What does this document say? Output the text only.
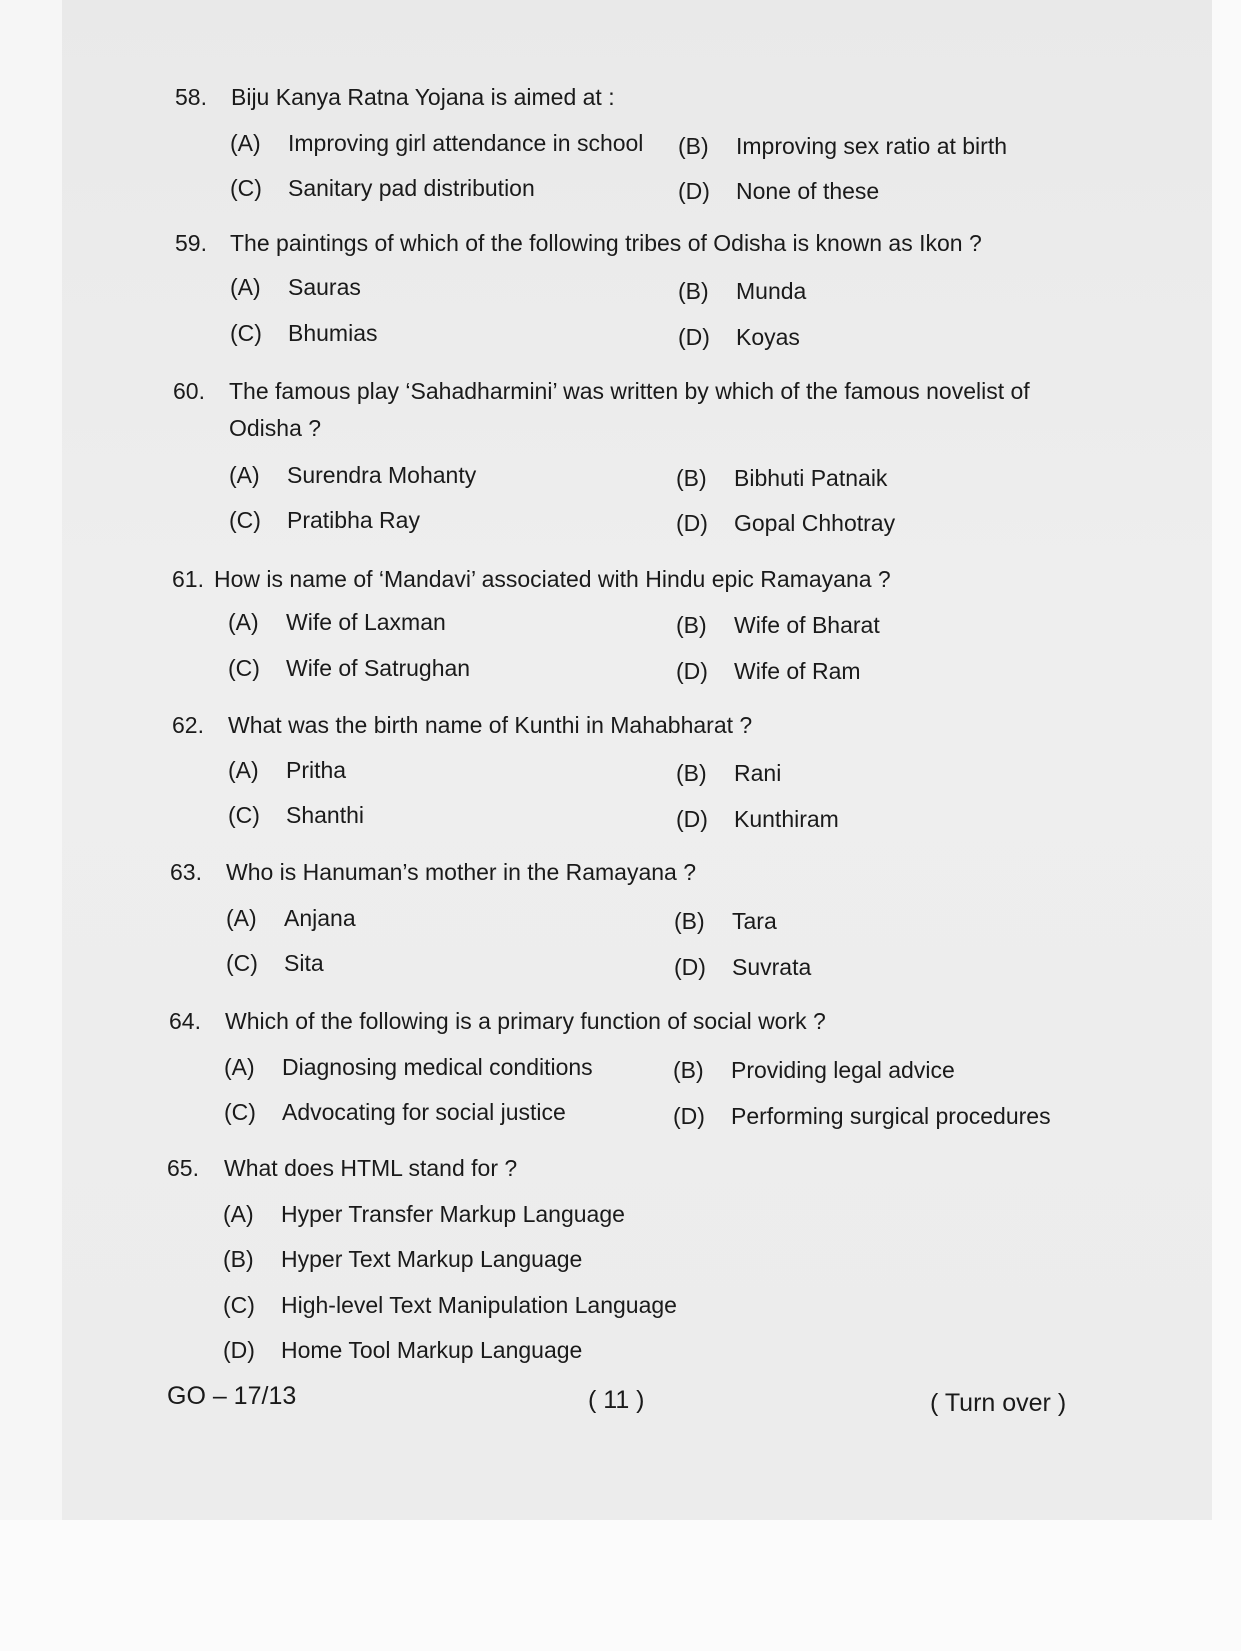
58. Biju Kanya Ratna Yojana is aimed at :
(A) Improving girl attendance in school (B) Improving sex ratio at birth
(C) Sanitary pad distribution	(D) None of these
59. The paintings of which of the following tribes of Odisha is known as Ikon ?
(A) Sauras	(B) Munda
(C) Bhumias	(D) Koyas
60. The famous play ‘Sahadharmini’ was written by which of the famous novelist of
Odisha ?
(A) Surendra Mohanty	(B) Bibhuti Patnaik
(C) Pratibha Ray	(D) Gopal Chhotray
61. How is name of ‘Mandavi’ associated with Hindu epic Ramayana ?
(A) Wife of Laxman	(B) Wife of Bharat
(C) Wife of Satrughan	(D) Wife of Ram
62. What was the birth name of Kunthi in Mahabharat ?
(A) Pritha	(B) Rani
(C) Shanthi	(D) Kunthiram
63. Who is Hanuman’s mother in the Ramayana ?
(A) Anjana	(B) Tara
(C) Sita	(D) Suvrata
64. Which of the following is a primary function of social work ?
(A) Diagnosing medical conditions	(B) Providing legal advice
(C) Advocating for social justice	(D) Performing surgical procedures
65. What does HTML stand for ?
(A) Hyper Transfer Markup Language
(B) Hyper Text Markup Language
(C) High-level Text Manipulation Language
(D) Home Tool Markup Language
GO – 17/13	( 11 )	( Turn over )
